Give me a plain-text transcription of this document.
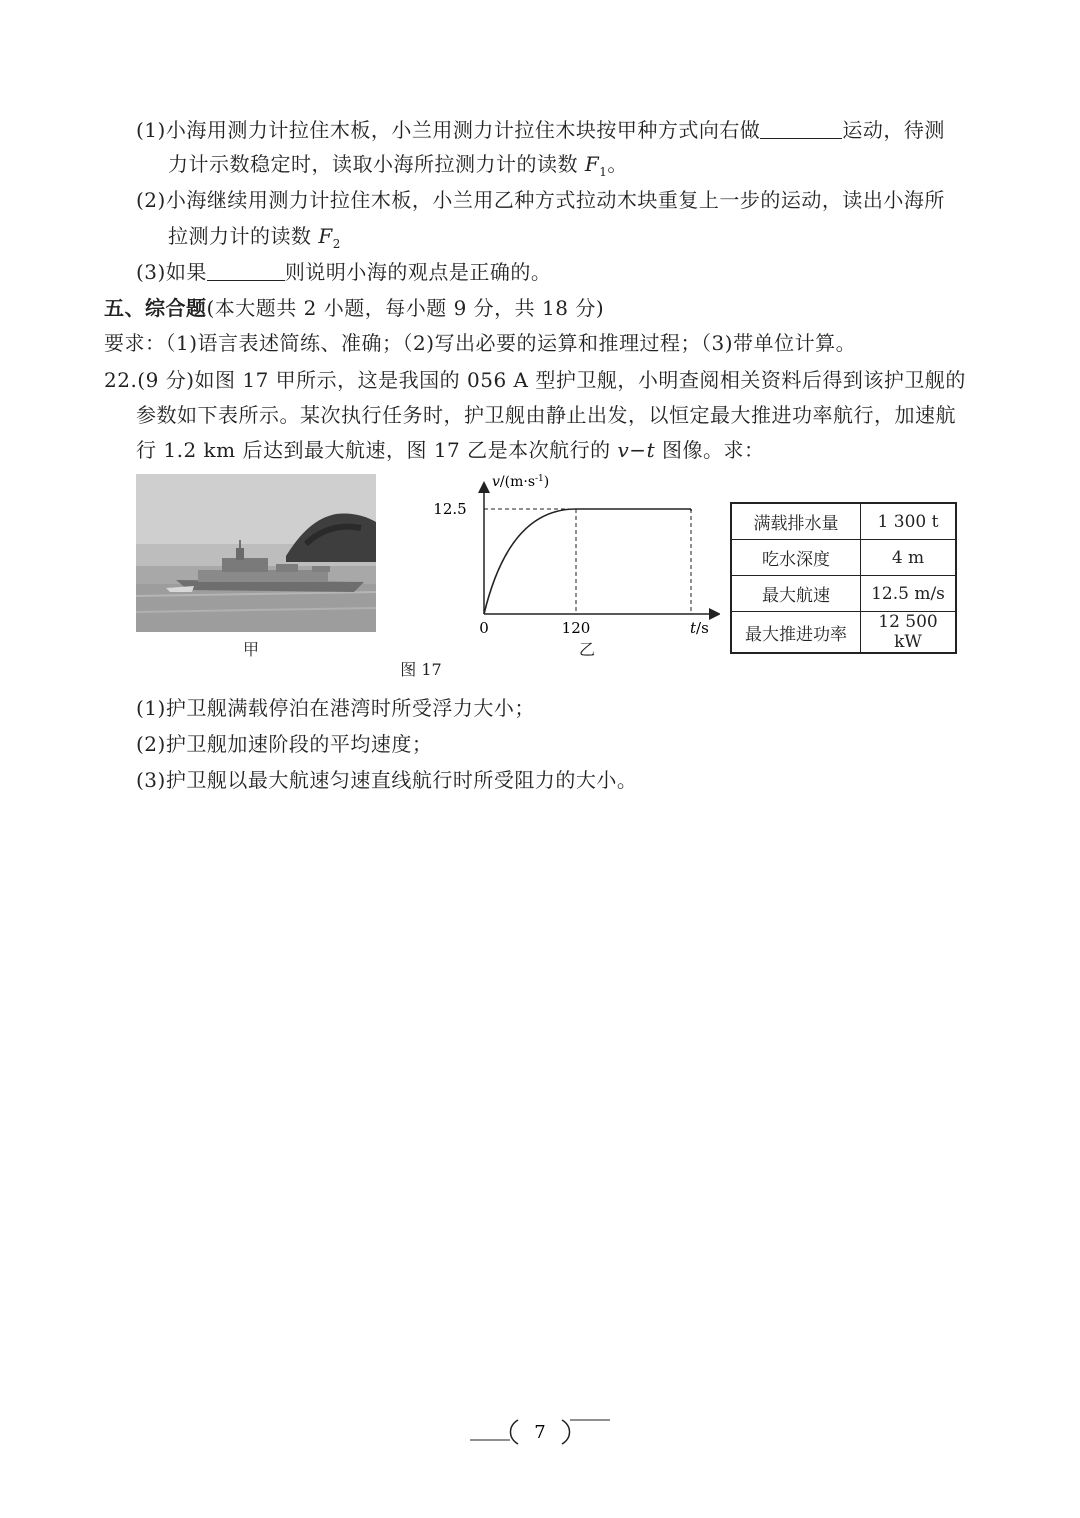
(1)小海用测力计拉住木板，小兰用测力计拉住木块按甲种方式向右做	运动，待测
力计示数稳定时，读取小海所拉测力计的读数 $F_1$。
(2)小海继续用测力计拉住木板，小兰用乙种方式拉动木块重复上一步的运动，读出小海所
拉测力计的读数 $F_2$
(3)如果	则说明小海的观点是正确的。
五、综合题(本大题共 2 小题，每小题 9 分，共 18 分)
要求：（1)语言表述简练、准确；（2)写出必要的运算和推理过程；（3)带单位计算。
22.(9 分)如图 17 甲所示，这是我国的 056 A 型护卫舰，小明查阅相关资料后得到该护卫舰的
参数如下表所示。某次执行任务时，护卫舰由静止出发，以恒定最大推进功率航行，加速航
行 1.2 km 后达到最大航速，图 17 乙是本次航行的 v−t 图像。求：
甲
12.5
0	120
$v/(m\cdot s^{-1})$
t/s
乙
图 17
满载排水量	1 300 t
吃水深度	4 m
最大航速	12.5 m/s
最大推进功率	12 500 kW
(1)护卫舰满载停泊在港湾时所受浮力大小；
(2)护卫舰加速阶段的平均速度；
(3)护卫舰以最大航速匀速直线航行时所受阻力的大小。
7
